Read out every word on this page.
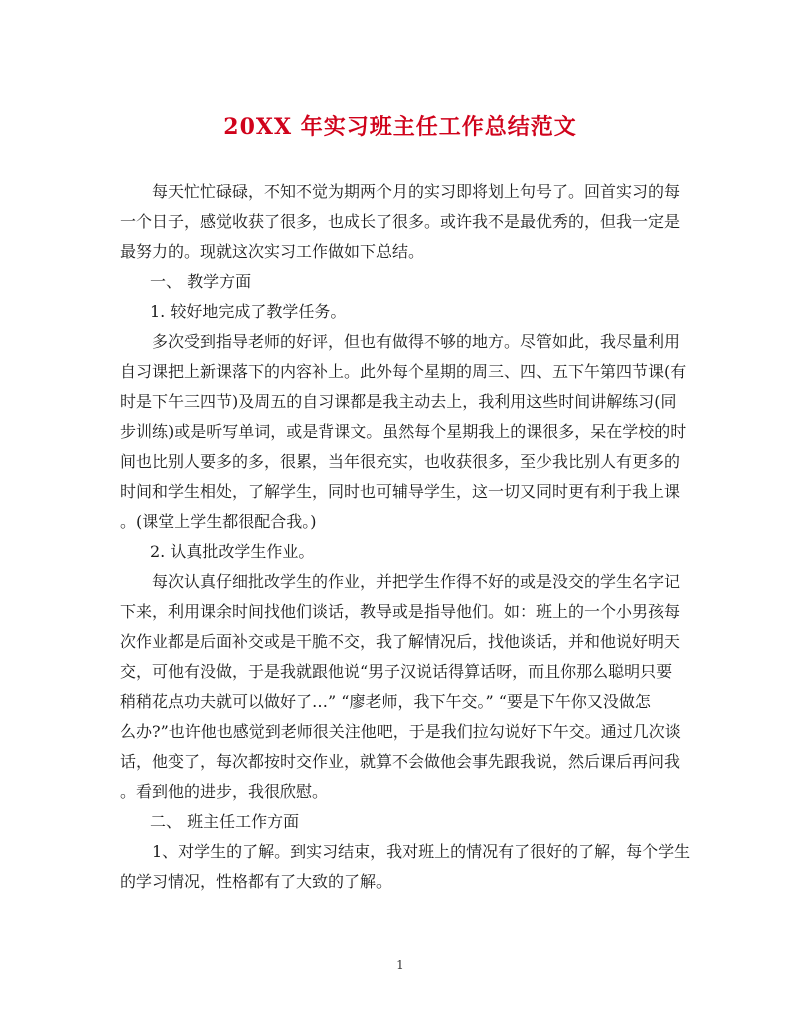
20XX 年实习班主任工作总结范文
每天忙忙碌碌，不知不觉为期两个月的实习即将划上句号了。回首实习的每
一个日子，感觉收获了很多，也成长了很多。或许我不是最优秀的，但我一定是
最努力的。现就这次实习工作做如下总结。
一、 教学方面
1. 较好地完成了教学任务。
多次受到指导老师的好评，但也有做得不够的地方。尽管如此，我尽量利用
自习课把上新课落下的内容补上。此外每个星期的周三、四、五下午第四节课(有
时是下午三四节)及周五的自习课都是我主动去上，我利用这些时间讲解练习(同
步训练)或是听写单词，或是背课文。虽然每个星期我上的课很多，呆在学校的时
间也比别人要多的多，很累，当年很充实，也收获很多，至少我比别人有更多的
时间和学生相处，了解学生，同时也可辅导学生，这一切又同时更有利于我上课
。(课堂上学生都很配合我。)
2. 认真批改学生作业。
每次认真仔细批改学生的作业，并把学生作得不好的或是没交的学生名字记
下来，利用课余时间找他们谈话，教导或是指导他们。如：班上的一个小男孩每
次作业都是后面补交或是干脆不交，我了解情况后，找他谈话，并和他说好明天
交，可他有没做，于是我就跟他说“男子汉说话得算话呀，而且你那么聪明只要
稍稍花点功夫就可以做好了…” “廖老师，我下午交。” “要是下午你又没做怎
么办?”也许他也感觉到老师很关注他吧，于是我们拉勾说好下午交。通过几次谈
话，他变了，每次都按时交作业，就算不会做他会事先跟我说，然后课后再问我
。看到他的进步，我很欣慰。
二、 班主任工作方面
1、对学生的了解。到实习结束，我对班上的情况有了很好的了解，每个学生
的学习情况，性格都有了大致的了解。
1
